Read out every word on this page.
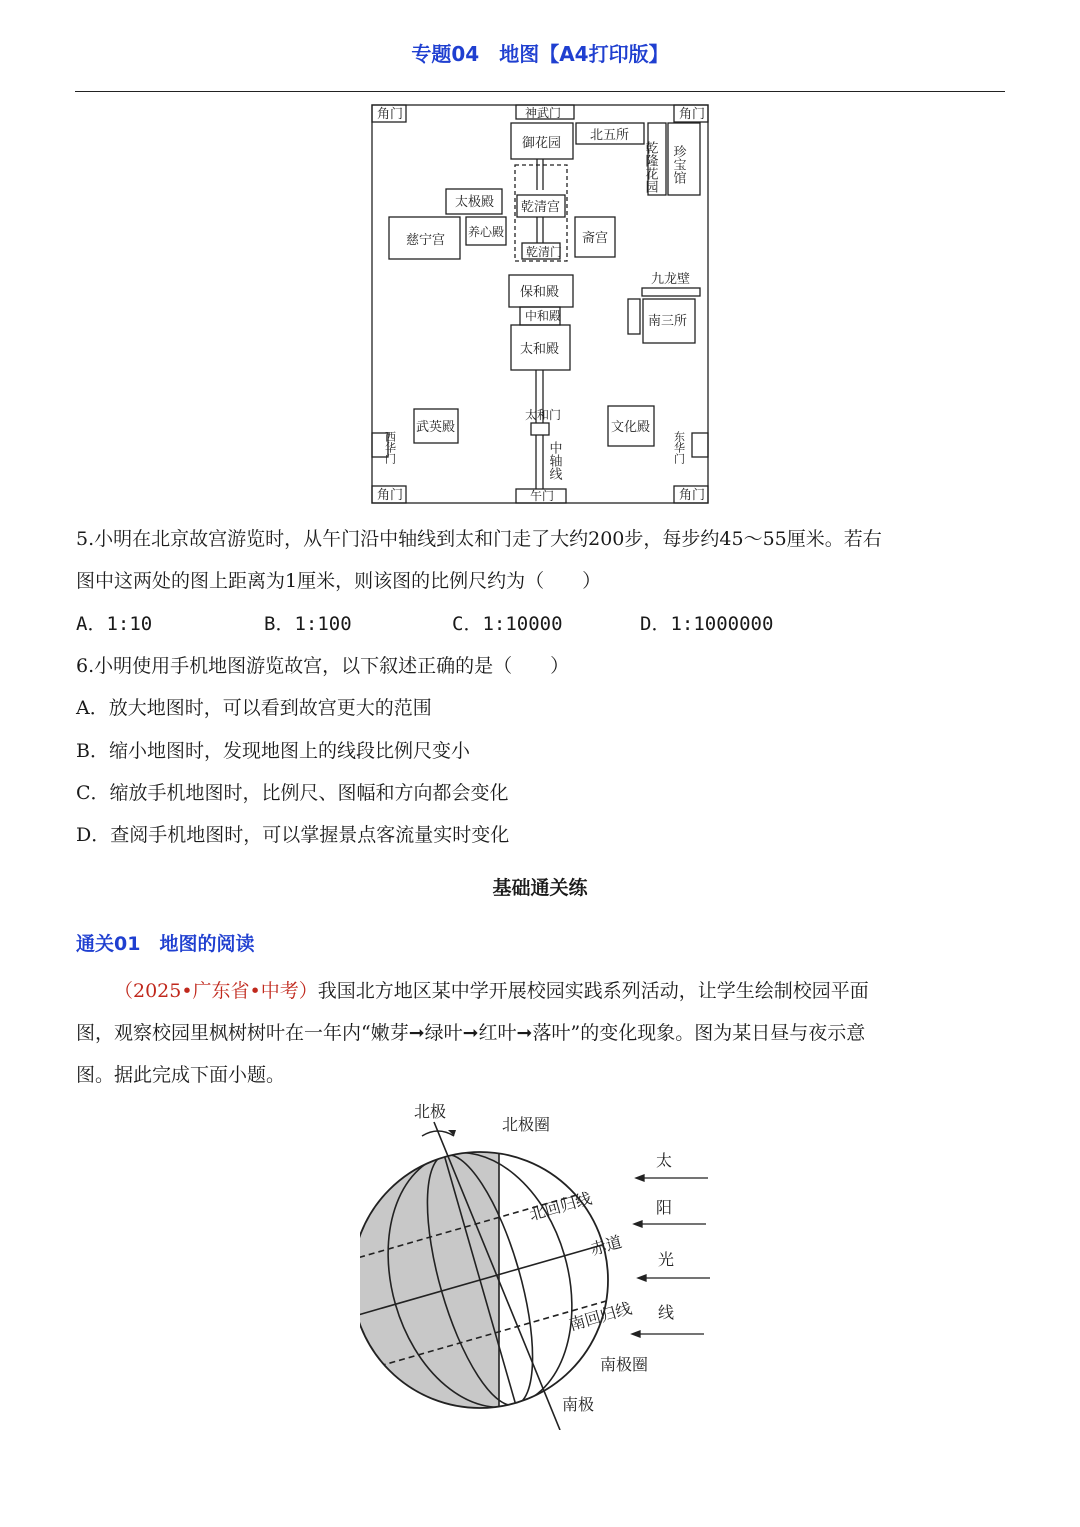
专题04　地图【A4打印版】
角门	角门
角门	角门
神武门
御花园
北五所
乾隆花园 珍宝馆
太极殿
养心殿
乾清宫
乾清门
慈宁宫	斋宫
九龙壁
保和殿
中和殿	南三所
太和殿
太和门
武英殿	文化殿
西华门	东华门
中轴线
午门
5.小明在北京故宫游览时，从午门沿中轴线到太和门走了大约200步，每步约45～55厘米。若右
图中这两处的图上距离为1厘米，则该图的比例尺约为（　　）
A．1:10	B．1:100	C．1:10000	D．1:1000000
6.小明使用手机地图游览故宫，以下叙述正确的是（　　）
A．放大地图时，可以看到故宫更大的范围
B．缩小地图时，发现地图上的线段比例尺变小
C．缩放手机地图时，比例尺、图幅和方向都会变化
D．查阅手机地图时，可以掌握景点客流量实时变化
基础通关练
通关01　地图的阅读
（2025•广东省•中考）我国北方地区某中学开展校园实践系列活动，让学生绘制校园平面
图，观察校园里枫树树叶在一年内“嫩芽➞绿叶➞红叶➞落叶”的变化现象。图为某日昼与夜示意
图。据此完成下面小题。
北极
北极圈
北回归线
赤道
南回归线
南极圈
南极
太
阳
光
线
